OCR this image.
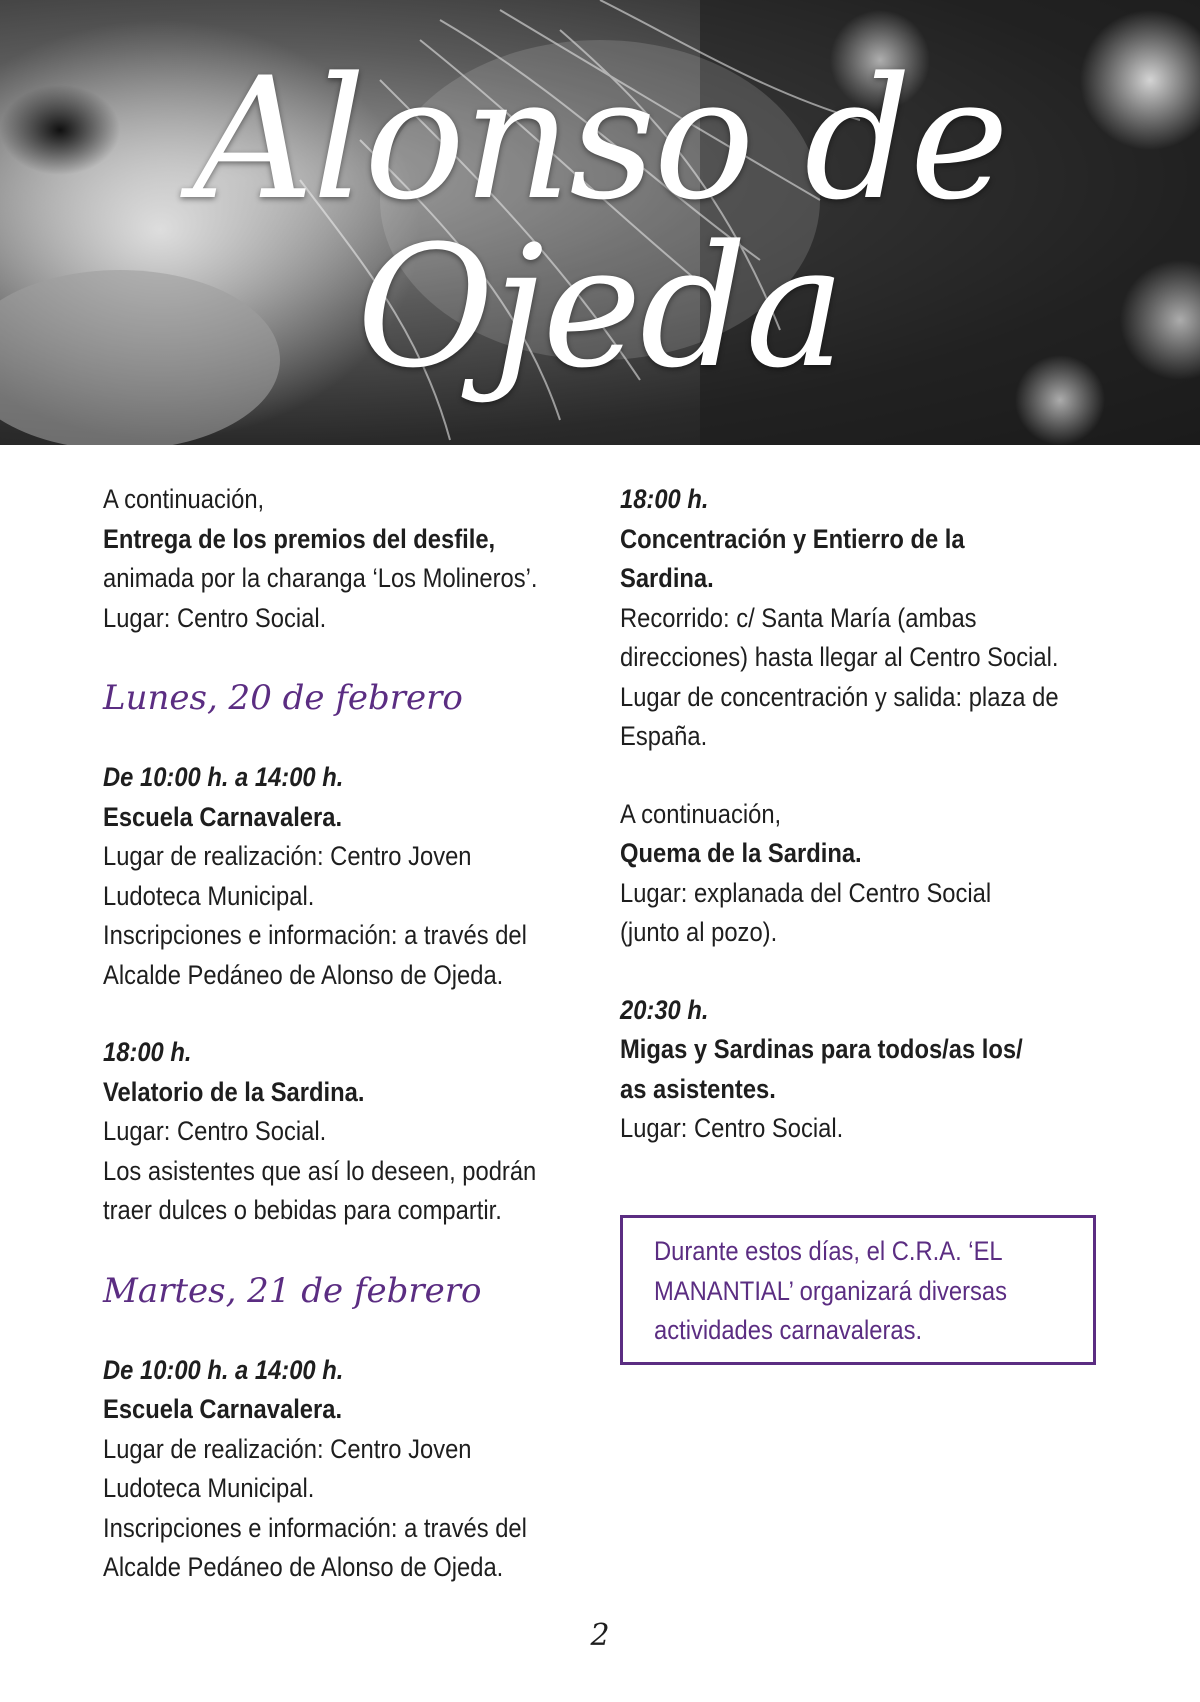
Alonso de Ojeda
A continuación,
Entrega de los premios del desfile,
animada por la charanga ‘Los Molineros’.
Lugar: Centro Social.
Lunes, 20 de febrero
De 10:00 h. a 14:00 h.
Escuela Carnavalera.
Lugar de realización: Centro Joven
Ludoteca Municipal.
Inscripciones e información: a través del
Alcalde Pedáneo de Alonso de Ojeda.
18:00 h.
Velatorio de la Sardina.
Lugar: Centro Social.
Los asistentes que así lo deseen, podrán
traer dulces o bebidas para compartir.
Martes, 21 de febrero
De 10:00 h. a 14:00 h.
Escuela Carnavalera.
Lugar de realización: Centro Joven
Ludoteca Municipal.
Inscripciones e información: a través del
Alcalde Pedáneo de Alonso de Ojeda.
18:00 h.
Concentración y Entierro de la
Sardina.
Recorrido: c/ Santa María (ambas
direcciones) hasta llegar al Centro Social.
Lugar de concentración y salida: plaza de
España.
A continuación,
Quema de la Sardina.
Lugar: explanada del Centro Social
(junto al pozo).
20:30 h.
Migas y Sardinas para todos/as los/
as asistentes.
Lugar: Centro Social.
Durante estos días, el C.R.A. ‘EL
MANANTIAL’ organizará diversas
actividades carnavaleras.
2
